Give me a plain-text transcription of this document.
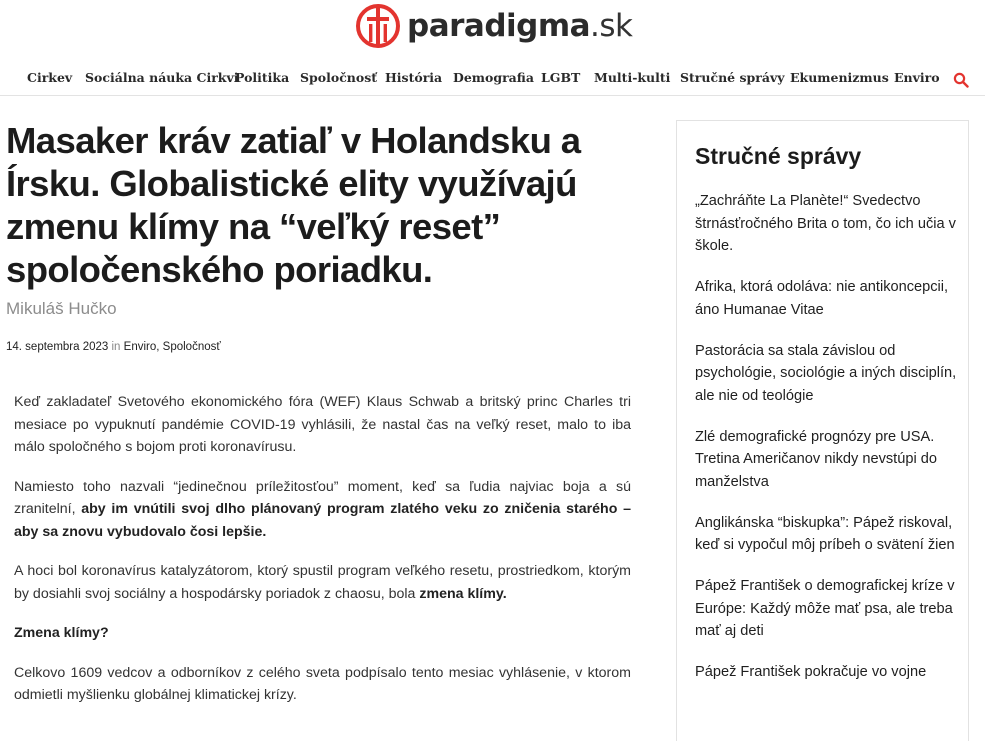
paradigma.sk
Cirkev Sociálna náuka Cirkvi
Politika Spoločnosť História Demografia LGBT Multi-kulti Stručné správy Ekumenizmus Enviro
Masaker kráv zatiaľ v Holandsku a Írsku. Globalistické elity využívajú zmenu klímy na “veľký reset” spoločenského poriadku.
Mikuláš Hučko
14. septembra 2023 in Enviro, Spoločnosť

Keď zakladateľ Svetového ekonomického fóra (WEF) Klaus Schwab a britský princ Charles tri mesiace po vypuknutí pandémie COVID-19 vyhlásili, že nastal čas na veľký reset, malo to iba málo spoločného s bojom proti koronavírusu.

Namiesto toho nazvali “jedinečnou príležitosťou” moment, keď sa ľudia najviac boja a sú zranitelní, aby im vnútili svoj dlho plánovaný program zlatého veku zo zničenia starého – aby sa znovu vybudovalo čosi lepšie.

A hoci bol koronavírus katalyzátorom, ktorý spustil program veľkého resetu, prostriedkom, ktorým by dosiahli svoj sociálny a hospodársky poriadok z chaosu, bola zmena klímy.

Zmena klímy?

Celkovo 1609 vedcov a odborníkov z celého sveta podpísalo tento mesiac vyhlásenie, v ktorom odmietli myšlienku globálnej klimatickej krízy.

Stručné správy
„Zachráňte La Planète!“ Svedectvo štrnásťročného Brita o tom, čo ich učia v škole.
Afrika, ktorá odoláva: nie antikoncepcii, áno Humanae Vitae
Pastorácia sa stala závislou od psychológie, sociológie a iných disciplín, ale nie od teológie
Zlé demografické prognózy pre USA. Tretina Američanov nikdy nevstúpi do manželstva
Anglikánska “biskupka”: Pápež riskoval, keď si vypočul môj príbeh o svätení žien
Pápež František o demografickej kríze v Európe: Každý môže mať psa, ale treba mať aj deti
Pápež František pokračuje vo vojne
